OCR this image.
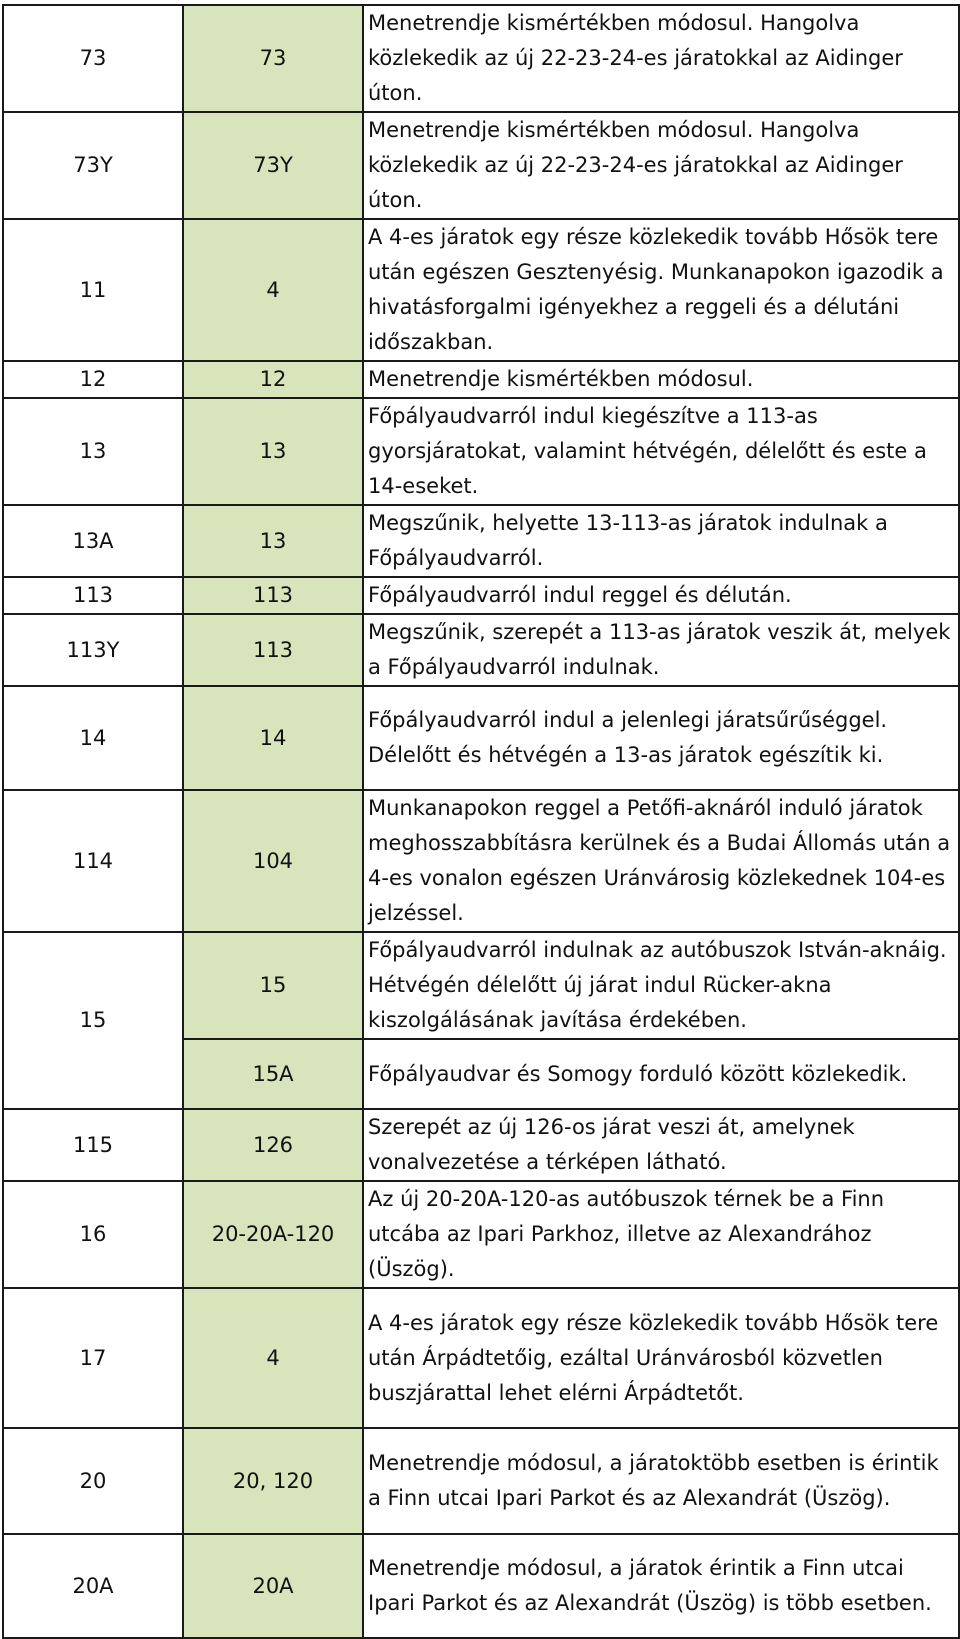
73	73	Menetrendje kismértékben módosul. Hangolva közlekedik az új 22-23-24-es járatokkal az Aidinger úton.
73Y	73Y	Menetrendje kismértékben módosul. Hangolva közlekedik az új 22-23-24-es járatokkal az Aidinger úton.
11	4	A 4-es járatok egy része közlekedik tovább Hősök tere után egészen Gesztenyésig. Munkanapokon igazodik a hivatásforgalmi igényekhez a reggeli és a délutáni időszakban.
12	12	Menetrendje kismértékben módosul.
13	13	Főpályaudvarról indul kiegészítve a 113-as gyorsjáratokat, valamint hétvégén, délelőtt és este a 14-eseket.
13A	13	Megszűnik, helyette 13-113-as járatok indulnak a Főpályaudvarról.
113	113	Főpályaudvarról indul reggel és délután.
113Y	113	Megszűnik, szerepét a 113-as járatok veszik át, melyek a Főpályaudvarról indulnak.
14	14	Főpályaudvarról indul a jelenlegi járatsűrűséggel. Délelőtt és hétvégén a 13-as járatok egészítik ki.
114	104	Munkanapokon reggel a Petőfi-aknáról induló járatok meghosszabbításra kerülnek és a Budai Állomás után a 4-es vonalon egészen Uránvárosig közlekednek 104-es jelzéssel.
15	15	Főpályaudvarról indulnak az autóbuszok István-aknáig. Hétvégén délelőtt új járat indul Rücker-akna kiszolgálásának javítása érdekében.
	15A	Főpályaudvar és Somogy forduló között közlekedik.
115	126	Szerepét az új 126-os járat veszi át, amelynek vonalvezetése a térképen látható.
16	20-20A-120	Az új 20-20A-120-as autóbuszok térnek be a Finn utcába az Ipari Parkhoz, illetve az Alexandrához (Üszög).
17	4	A 4-es járatok egy része közlekedik tovább Hősök tere után Árpádtetőig, ezáltal Uránvárosból közvetlen buszjárattal lehet elérni Árpádtetőt.
20	20, 120	Menetrendje módosul, a járatoktöbb esetben is érintik a Finn utcai Ipari Parkot és az Alexandrát (Üszög).
20A	20A	Menetrendje módosul, a járatok érintik a Finn utcai Ipari Parkot és az Alexandrát (Üszög) is több esetben.
